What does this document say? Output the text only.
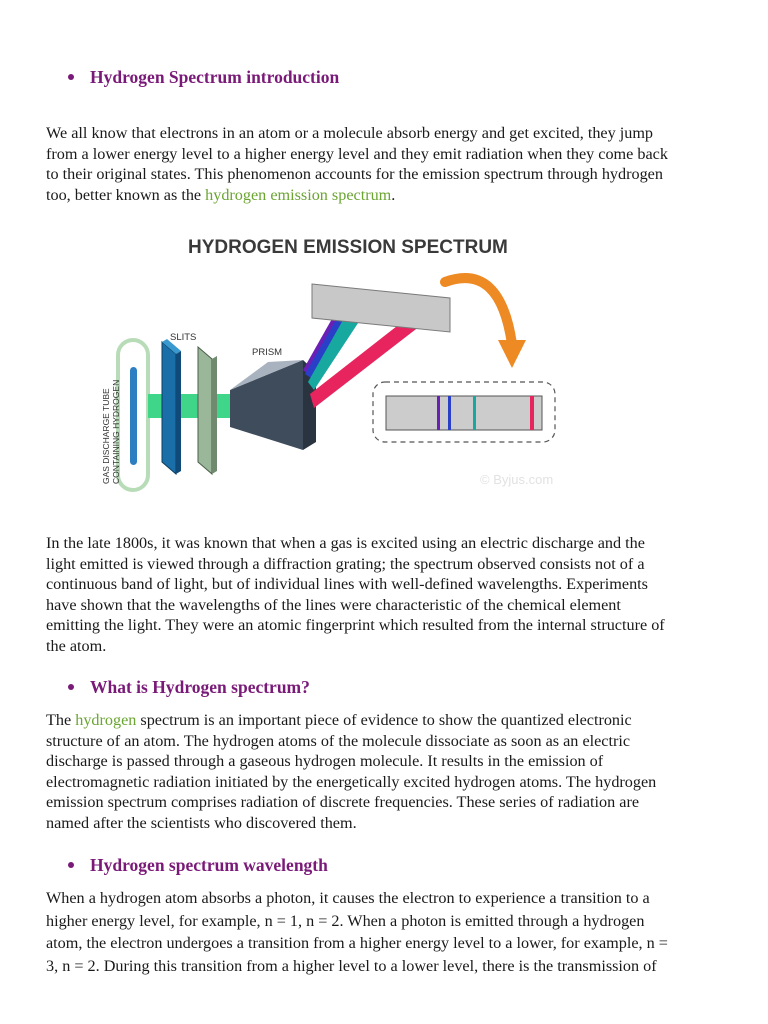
Hydrogen Spectrum introduction
We all know that electrons in an atom or a molecule absorb energy and get excited, they jump
from a lower energy level to a higher energy level and they emit radiation when they come back
to their original states. This phenomenon accounts for the emission spectrum through hydrogen
too, better known as the hydrogen emission spectrum.
HYDROGEN EMISSION SPECTRUM
GAS DISCHARGE TUBE CONTAINING HYDROGEN
SLITS
PRISM
© Byjus.com
In the late 1800s, it was known that when a gas is excited using an electric discharge and the
light emitted is viewed through a diffraction grating; the spectrum observed consists not of a
continuous band of light, but of individual lines with well-defined wavelengths. Experiments
have shown that the wavelengths of the lines were characteristic of the chemical element
emitting the light. They were an atomic fingerprint which resulted from the internal structure of
the atom.
What is Hydrogen spectrum?
The hydrogen spectrum is an important piece of evidence to show the quantized electronic
structure of an atom. The hydrogen atoms of the molecule dissociate as soon as an electric
discharge is passed through a gaseous hydrogen molecule. It results in the emission of
electromagnetic radiation initiated by the energetically excited hydrogen atoms. The hydrogen
emission spectrum comprises radiation of discrete frequencies. These series of radiation are
named after the scientists who discovered them.
Hydrogen spectrum wavelength
When a hydrogen atom absorbs a photon, it causes the electron to experience a transition to a
higher energy level, for example, n = 1, n = 2. When a photon is emitted through a hydrogen
atom, the electron undergoes a transition from a higher energy level to a lower, for example, n =
3, n = 2. During this transition from a higher level to a lower level, there is the transmission of
